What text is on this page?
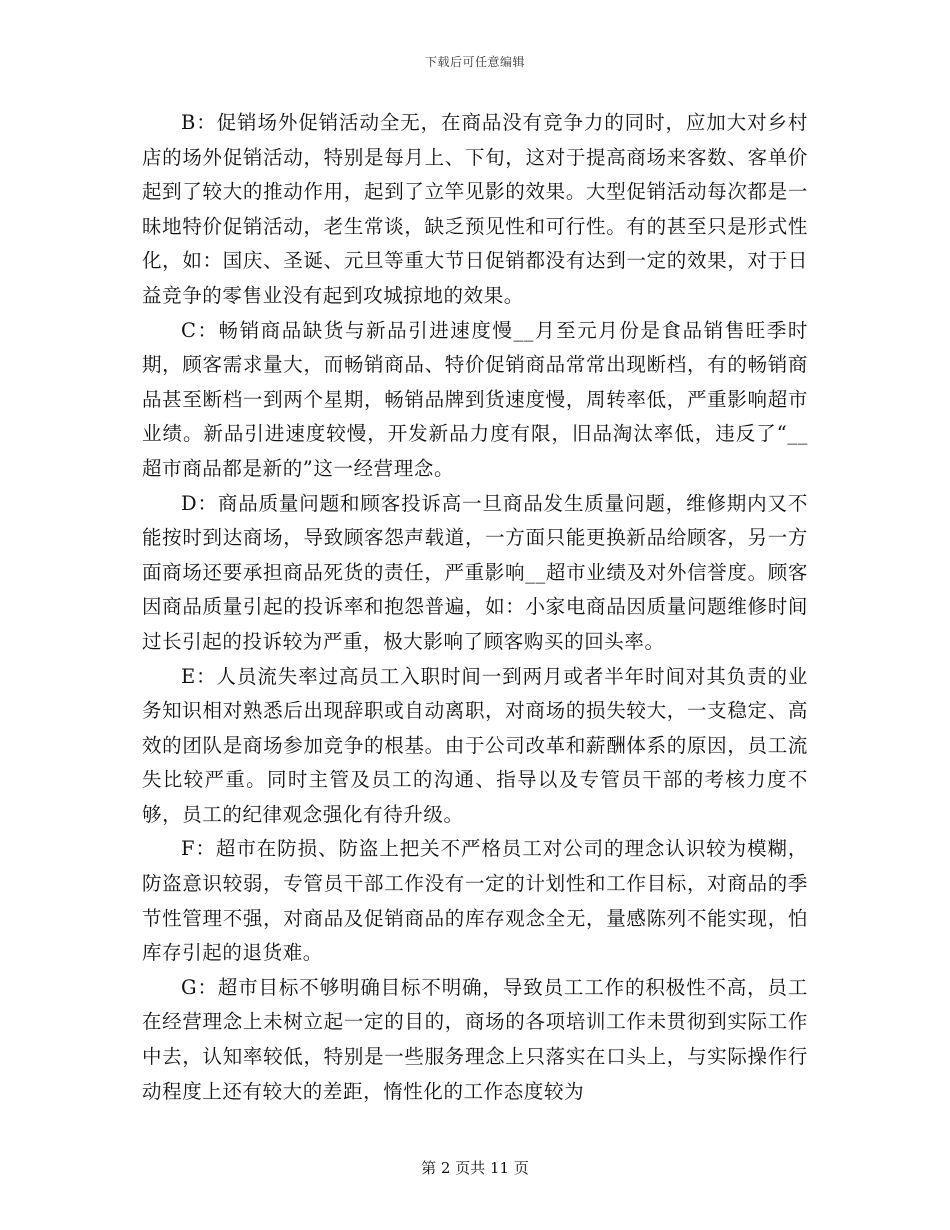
下载后可任意编辑

B：促销场外促销活动全无，在商品没有竞争力的同时，应加大对乡村店的场外促销活动，特别是每月上、下旬，这对于提高商场来客数、客单价起到了较大的推动作用，起到了立竿见影的效果。大型促销活动每次都是一昧地特价促销活动，老生常谈，缺乏预见性和可行性。有的甚至只是形式性化，如：国庆、圣诞、元旦等重大节日促销都没有达到一定的效果，对于日益竞争的零售业没有起到攻城掠地的效果。

C：畅销商品缺货与新品引进速度慢__月至元月份是食品销售旺季时期，顾客需求量大，而畅销商品、特价促销商品常常出现断档，有的畅销商品甚至断档一到两个星期，畅销品牌到货速度慢，周转率低，严重影响超市业绩。新品引进速度较慢，开发新品力度有限，旧品淘汰率低，违反了“__超市商品都是新的”这一经营理念。

D：商品质量问题和顾客投诉高一旦商品发生质量问题，维修期内又不能按时到达商场，导致顾客怨声载道，一方面只能更换新品给顾客，另一方面商场还要承担商品死货的责任，严重影响__超市业绩及对外信誉度。顾客因商品质量引起的投诉率和抱怨普遍，如：小家电商品因质量问题维修时间过长引起的投诉较为严重，极大影响了顾客购买的回头率。

E：人员流失率过高员工入职时间一到两月或者半年时间对其负责的业务知识相对熟悉后出现辞职或自动离职，对商场的损失较大，一支稳定、高效的团队是商场参加竞争的根基。由于公司改革和薪酬体系的原因，员工流失比较严重。同时主管及员工的沟通、指导以及专管员干部的考核力度不够，员工的纪律观念强化有待升级。

F：超市在防损、防盗上把关不严格员工对公司的理念认识较为模糊，防盗意识较弱，专管员干部工作没有一定的计划性和工作目标，对商品的季节性管理不强，对商品及促销商品的库存观念全无，量感陈列不能实现，怕库存引起的退货难。

G：超市目标不够明确目标不明确，导致员工工作的积极性不高，员工在经营理念上未树立起一定的目的，商场的各项培训工作未贯彻到实际工作中去，认知率较低，特别是一些服务理念上只落实在口头上，与实际操作行动程度上还有较大的差距，惰性化的工作态度较为

第 2 页共 11 页
